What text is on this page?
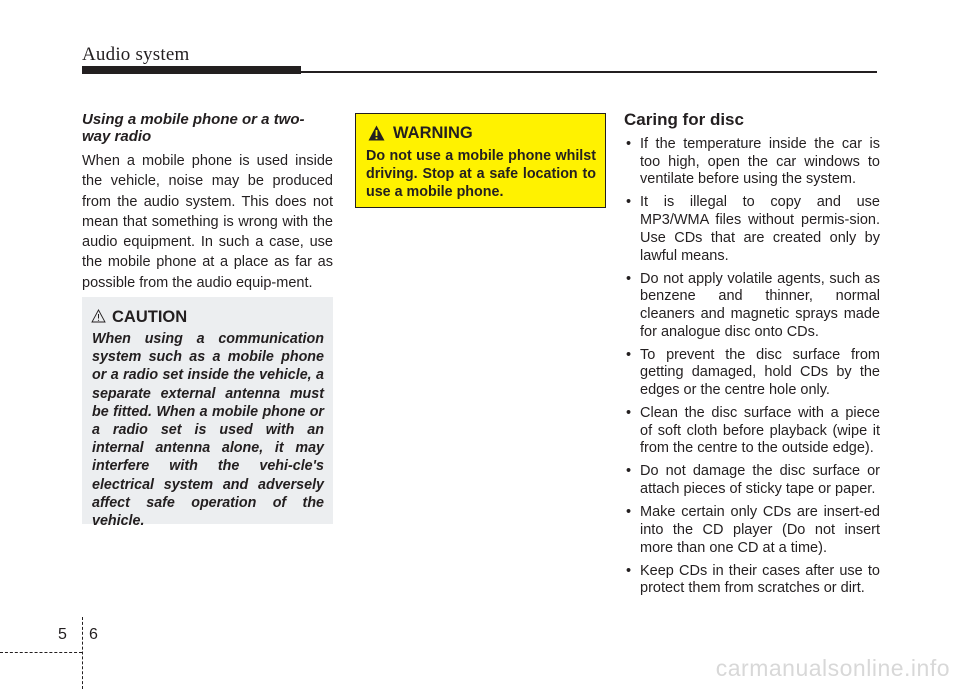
Audio system
Using a mobile phone or a two-way radio
When a mobile phone is used inside the vehicle, noise may be produced from the audio system. This does not mean that something is wrong with the audio equipment. In such a case, use the mobile phone at a place as far as possible from the audio equip-ment.
CAUTION
When using a communication system such as a mobile phone or a radio set inside the vehicle, a separate external antenna must be fitted. When a mobile phone or a radio set is used with an internal antenna alone, it may interfere with the vehi-cle's electrical system and adversely affect safe operation of the vehicle.
WARNING
Do not use a mobile phone whilst driving. Stop at a safe location to use a mobile phone.
Caring for disc
• If the temperature inside the car is too high, open the car windows to ventilate before using the system.
• It is illegal to copy and use MP3/WMA files without permis-sion. Use CDs that are created only by lawful means.
• Do not apply volatile agents, such as benzene and thinner, normal cleaners and magnetic sprays made for analogue disc onto CDs.
• To prevent the disc surface from getting damaged, hold CDs by the edges or the centre hole only.
• Clean the disc surface with a piece of soft cloth before playback (wipe it from the centre to the outside edge).
• Do not damage the disc surface or attach pieces of sticky tape or paper.
• Make certain only CDs are insert-ed into the CD player (Do not insert more than one CD at a time).
• Keep CDs in their cases after use to protect them from scratches or dirt.
5 6
carmanualsonline.info
